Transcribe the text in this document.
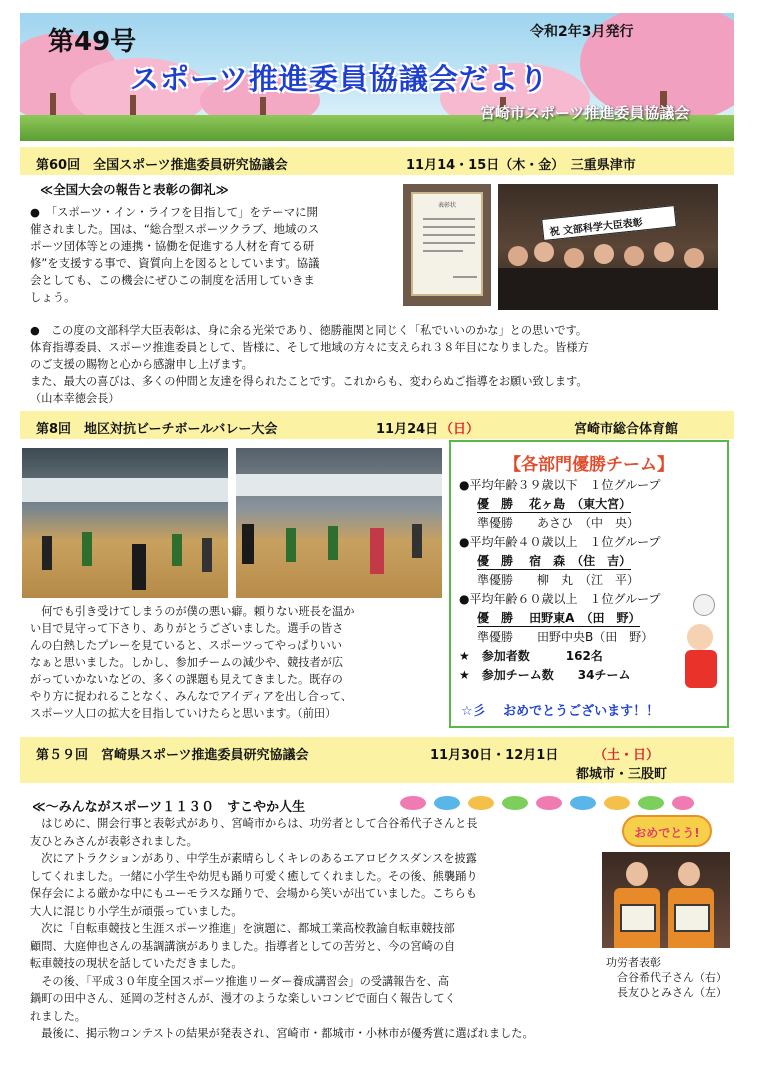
第49号	令和2年3月発行
スポーツ推進委員協議会だより
宮崎市スポーツ推進委員協議会
第60回　全国スポーツ推進委員研究協議会	11月14・15日（木・金）　三重県津市
≪全国大会の報告と表彰の御礼≫
●　「スポーツ・イン・ライフを目指して」をテーマに開
催されました。国は、“総合型スポーツクラブ、地域のス
ポーツ団体等との連携・協働を促進する人材を育てる研
修”を支援する事で、資質向上を図るとしています。協議
会としても、この機会にぜひこの制度を活用していきま
しょう。
表彰状
祝 文部科学大臣表彰
●　この度の文部科学大臣表彰は、身に余る光栄であり、徳勝龍関と同じく「私でいいのかな」との思いです。
体育指導委員、スポーツ推進委員として、皆様に、そして地域の方々に支えられ３８年目になりました。皆様方
のご支援の賜物と心から感謝申し上げます。
また、最大の喜びは、多くの仲間と友達を得られたことです。これからも、変わらぬご指導をお願い致します。
（山本幸徳会長）
第8回　地区対抗ビーチボールバレー大会	11月24日 （日）	宮崎市総合体育館
　何でも引き受けてしまうのが僕の悪い癖。頼りない班長を温か
い目で見守って下さり、ありがとうございました。選手の皆さ
んの白熱したプレーを見ていると、スポーツってやっぱりいい
なぁと思いました。しかし、参加チームの減少や、競技者が広
がっていかないなどの、多くの課題も見えてきました。既存の
やり方に捉われることなく、みんなでアイディアを出し合って、
スポーツ人口の拡大を目指していけたらと思います。（前田）
【各部門優勝チーム】
●平均年齢３９歳以下　１位グループ
優　勝　 花ヶ島　（東大宮）
準優勝　　あさひ　（中　央）
●平均年齢４０歳以上　１位グループ
優　勝　 宿　森　（住　吉）
準優勝　　柳　丸　（江　平）
●平均年齢６０歳以上　１位グループ
優　勝　 田野東A　（田　野）
準優勝　　田野中央B（田　野）
★　参加者数　　　162名
★　参加チーム数　　34チーム
☆彡　 おめでとうございます！！
第５９回　宮崎県スポーツ推進委員研究協議会	11月30日・12月1日	（土・日）
都城市・三股町
≪～みんながスポーツ１１３０　すこやか人生
おめでとう!
　はじめに、開会行事と表彰式があり、宮崎市からは、功労者として合谷希代子さんと長
友ひとみさんが表彰されました。
　次にアトラクションがあり、中学生が素晴らしくキレのあるエアロビクスダンスを披露
してくれました。一緒に小学生や幼児も踊り可愛く癒してくれました。その後、熊襲踊り
保存会による厳かな中にもユーモラスな踊りで、会場から笑いが出ていました。こちらも
大人に混じり小学生が頑張っていました。
　次に「自転車競技と生涯スポーツ推進」を演題に、都城工業高校教諭自転車競技部
顧問、大庭伸也さんの基調講演がありました。指導者としての苦労と、今の宮崎の自
転車競技の現状を話していただきました。
　その後、「平成３０年度全国スポーツ推進リーダー養成講習会」の受講報告を、高
鍋町の田中さん、延岡の芝村さんが、漫才のような楽しいコンビで面白く報告してく
れました。
　最後に、掲示物コンテストの結果が発表され、宮崎市・都城市・小林市が優秀賞に選ばれました。
功労者表彰
　合谷希代子さん（右）
　長友ひとみさん（左）
